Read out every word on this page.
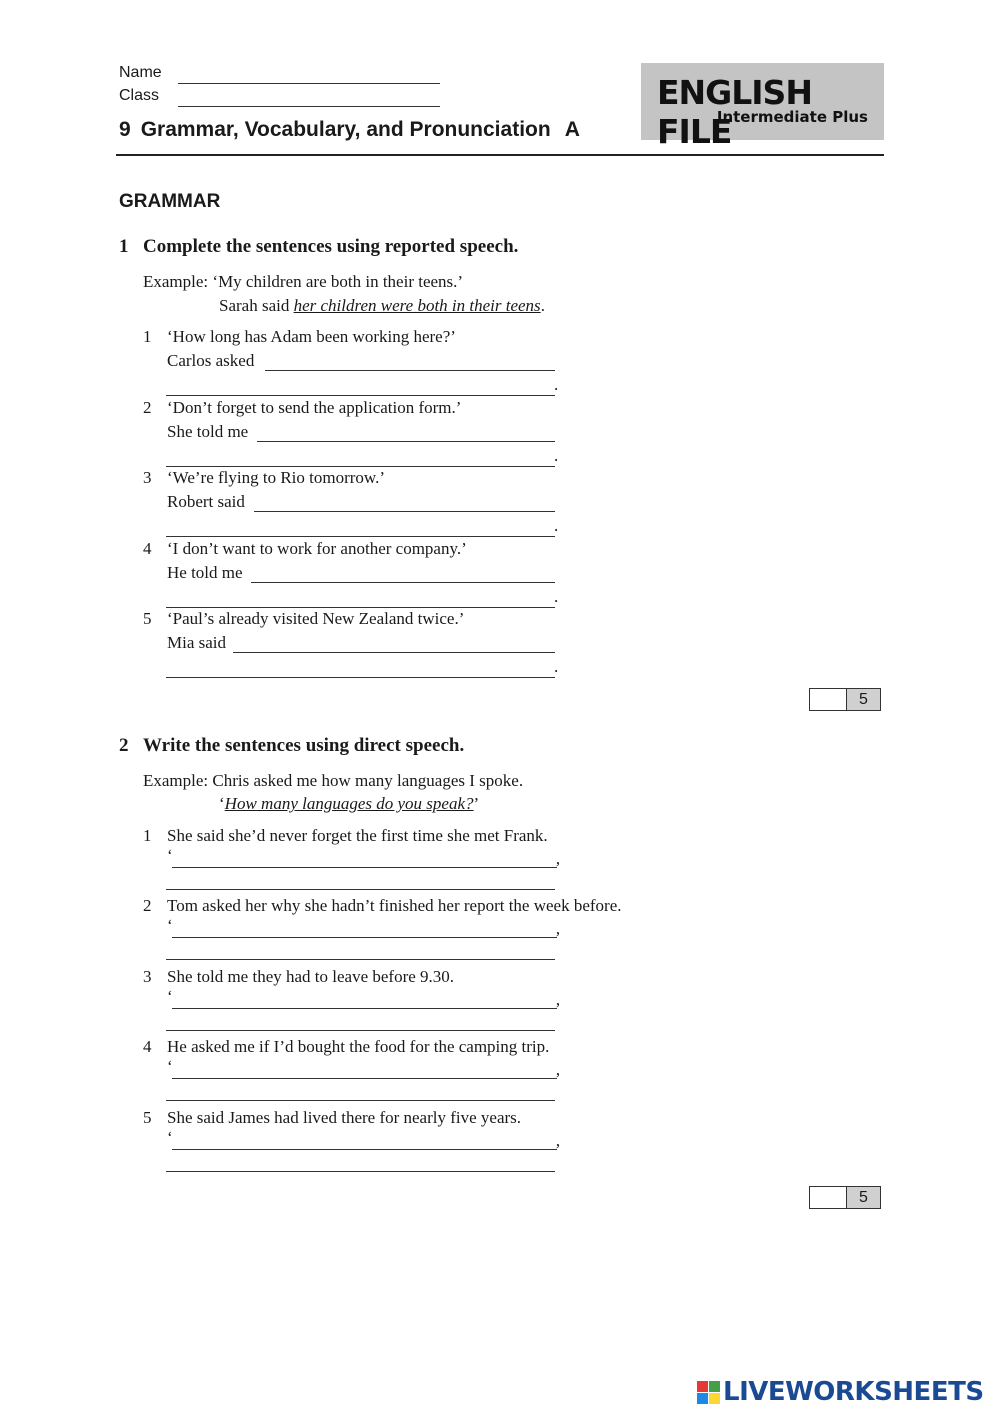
Name
Class
9 Grammar, Vocabulary, and Pronunciation A
ENGLISH FILE
Intermediate Plus
GRAMMAR
1 Complete the sentences using reported speech.
Example: ‘My children are both in their teens.’
Sarah said her children were both in their teens.
1 ‘How long has Adam been working here?’
Carlos asked
.
2 ‘Don’t forget to send the application form.’
She told me
.
3 ‘We’re flying to Rio tomorrow.’
Robert said
.
4 ‘I don’t want to work for another company.’
He told me
.
5 ‘Paul’s already visited New Zealand twice.’
Mia said
.
5
2 Write the sentences using direct speech.
Example: Chris asked me how many languages I spoke.
‘How many languages do you speak?’
1 She said she’d never forget the first time she met Frank.
‘
’
2 Tom asked her why she hadn’t finished her report the week before.
‘
’
3 She told me they had to leave before 9.30.
‘
’
4 He asked me if I’d bought the food for the camping trip.
‘
’
5 She said James had lived there for nearly five years.
‘
’
5
LIVEWORKSHEETS
